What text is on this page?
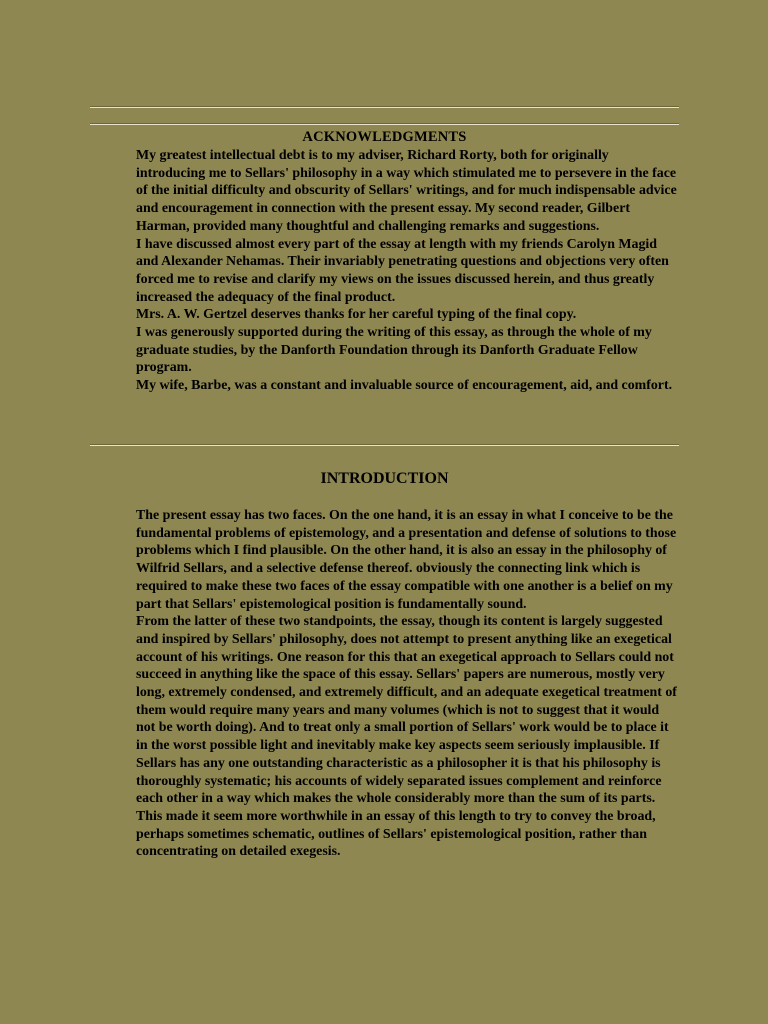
ACKNOWLEDGMENTS

My greatest intellectual debt is to my adviser, Richard Rorty, both for originally introducing me to Sellars' philosophy in a way which stimulated me to persevere in the face of the initial difficulty and obscurity of Sellars' writings, and for much indispensable advice and encouragement in connection with the present essay. My second reader, Gilbert Harman, provided many thoughtful and challenging remarks and suggestions.

I have discussed almost every part of the essay at length with my friends Carolyn Magid and Alexander Nehamas. Their invariably penetrating questions and objections very often forced me to revise and clarify my views on the issues discussed herein, and thus greatly increased the adequacy of the final product.

Mrs. A. W. Gertzel deserves thanks for her careful typing of the final copy.

I was generously supported during the writing of this essay, as through the whole of my graduate studies, by the Danforth Foundation through its Danforth Graduate Fellow program.

My wife, Barbe, was a constant and invaluable source of encouragement, aid, and comfort.

INTRODUCTION

The present essay has two faces. On the one hand, it is an essay in what I conceive to be the fundamental problems of epistemology, and a presentation and defense of solutions to those problems which I find plausible. On the other hand, it is also an essay in the philosophy of Wilfrid Sellars, and a selective defense thereof. obviously the connecting link which is required to make these two faces of the essay compatible with one another is a belief on my part that Sellars' epistemological position is fundamentally sound.

From the latter of these two standpoints, the essay, though its content is largely suggested and inspired by Sellars' philosophy, does not attempt to present anything like an exegetical account of his writings. One reason for this that an exegetical approach to Sellars could not succeed in anything like the space of this essay. Sellars' papers are numerous, mostly very long, extremely condensed, and extremely difficult, and an adequate exegetical treatment of them would require many years and many volumes (which is not to suggest that it would not be worth doing). And to treat only a small portion of Sellars' work would be to place it in the worst possible light and inevitably make key aspects seem seriously implausible. If Sellars has any one outstanding characteristic as a philosopher it is that his philosophy is thoroughly systematic; his accounts of widely separated issues complement and reinforce each other in a way which makes the whole considerably more than the sum of its parts. This made it seem more worthwhile in an essay of this length to try to convey the broad, perhaps sometimes schematic, outlines of Sellars' epistemological position, rather than concentrating on detailed exegesis.
